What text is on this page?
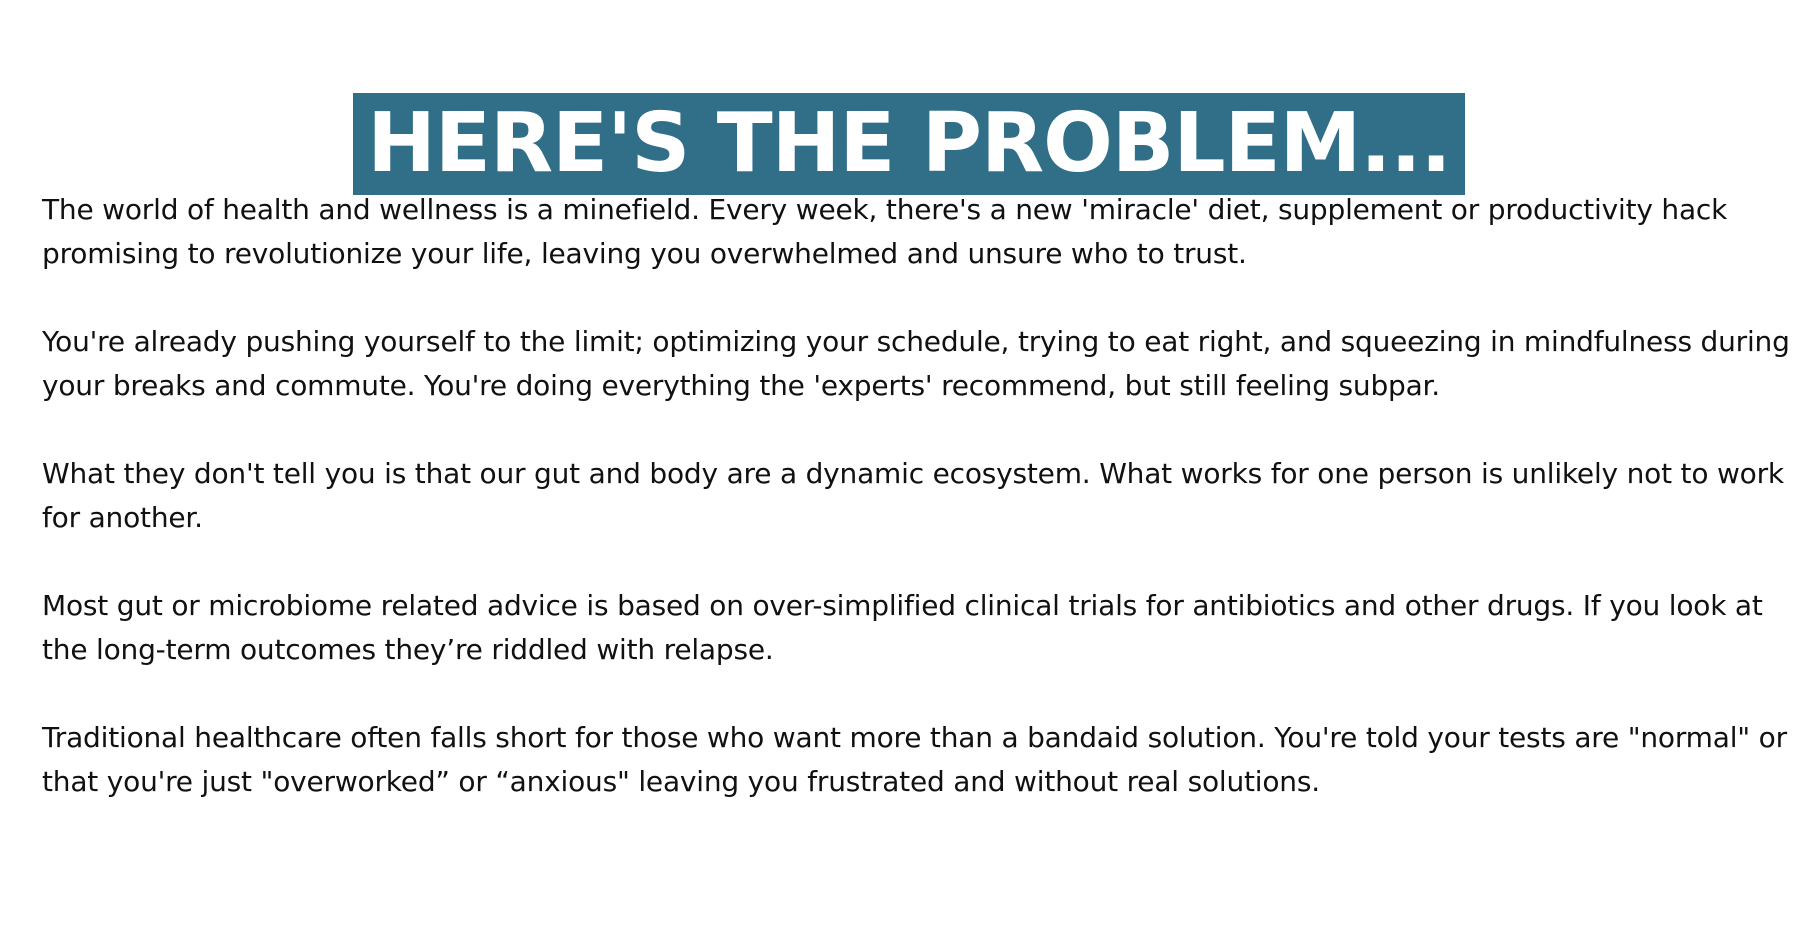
HERE'S THE PROBLEM...

The world of health and wellness is a minefield. Every week, there's a new 'miracle' diet, supplement or productivity hack promising to revolutionize your life, leaving you overwhelmed and unsure who to trust.

You're already pushing yourself to the limit; optimizing your schedule, trying to eat right, and squeezing in mindfulness during your breaks and commute. You're doing everything the 'experts' recommend, but still feeling subpar.

What they don't tell you is that our gut and body are a dynamic ecosystem. What works for one person is unlikely not to work for another.

Most gut or microbiome related advice is based on over-simplified clinical trials for antibiotics and other drugs. If you look at the long-term outcomes they’re riddled with relapse.

Traditional healthcare often falls short for those who want more than a bandaid solution. You're told your tests are "normal" or that you're just "overworked” or “anxious" leaving you frustrated and without real solutions.
